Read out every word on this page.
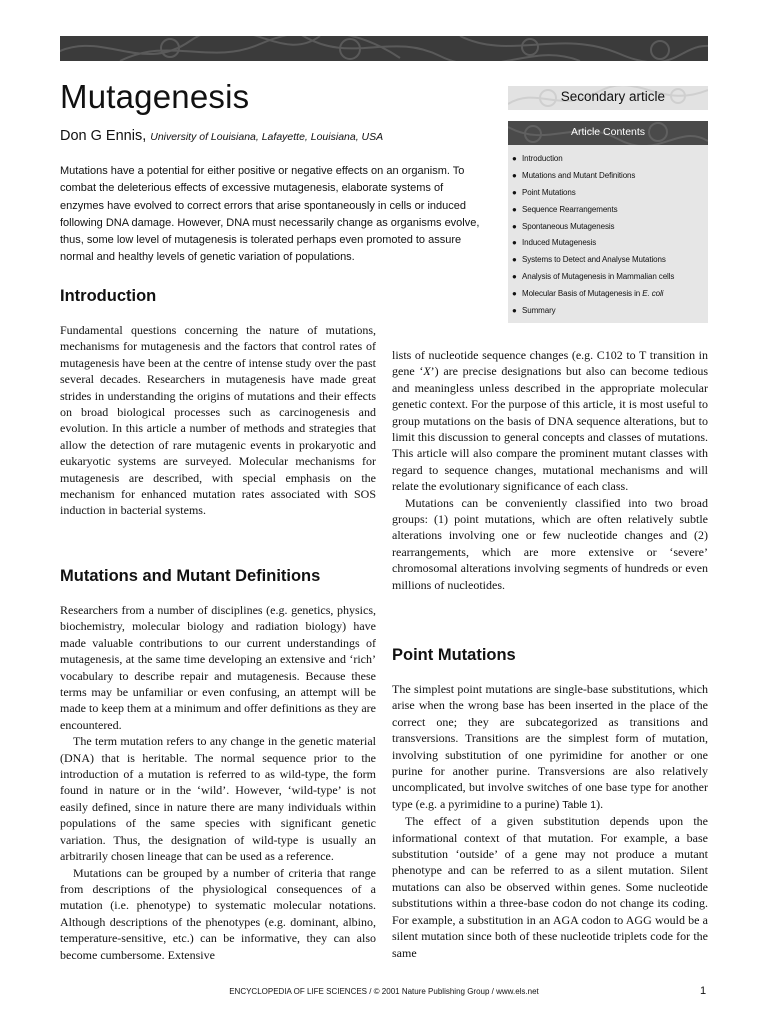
Mutagenesis
Don G Ennis, University of Louisiana, Lafayette, Louisiana, USA

Mutations have a potential for either positive or negative effects on an organism. To combat the deleterious effects of excessive mutagenesis, elaborate systems of enzymes have evolved to correct errors that arise spontaneously in cells or induced following DNA damage. However, DNA must necessarily change as organisms evolve, thus, some low level of mutagenesis is tolerated perhaps even promoted to assure normal and healthy levels of genetic variation of populations.

Secondary article
Article Contents
● Introduction
● Mutations and Mutant Definitions
● Point Mutations
● Sequence Rearrangements
● Spontaneous Mutagenesis
● Induced Mutagenesis
● Systems to Detect and Analyse Mutations
● Analysis of Mutagenesis in Mammalian cells
● Molecular Basis of Mutagenesis in E. coli
● Summary
Introduction
Mutations and Mutant Definitions
Point Mutations

Fundamental questions concerning the nature of mutations, mechanisms for mutagenesis and the factors that control rates of mutagenesis have been at the centre of intense study over the past several decades. Researchers in mutagenesis have made great strides in understanding the origins of mutations and their effects on broad biological processes such as carcinogenesis and evolution. In this article a number of methods and strategies that allow the detection of rare mutagenic events in prokaryotic and eukaryotic systems are surveyed. Molecular mechanisms for mutagenesis are described, with special emphasis on the mechanism for enhanced mutation rates associated with SOS induction in bacterial systems.

Researchers from a number of disciplines (e.g. genetics, physics, biochemistry, molecular biology and radiation biology) have made valuable contributions to our current understandings of mutagenesis, at the same time developing an extensive and ‘rich’ vocabulary to describe repair and mutagenesis. Because these terms may be unfamiliar or even confusing, an attempt will be made to keep them at a minimum and offer definitions as they are encountered.

The term mutation refers to any change in the genetic material (DNA) that is heritable. The normal sequence prior to the introduction of a mutation is referred to as wild-type, the form found in nature or in the ‘wild’. However, ‘wild-type’ is not easily defined, since in nature there are many individuals within populations of the same species with significant genetic variation. Thus, the designation of wild-type is usually an arbitrarily chosen lineage that can be used as a reference.

Mutations can be grouped by a number of criteria that range from descriptions of the physiological consequences of a mutation (i.e. phenotype) to systematic molecular notations. Although descriptions of the phenotypes (e.g. dominant, albino, temperature-sensitive, etc.) can be informative, they can also become cumbersome. Extensive

lists of nucleotide sequence changes (e.g. C102 to T transition in gene ‘X’) are precise designations but also can become tedious and meaningless unless described in the appropriate molecular genetic context. For the purpose of this article, it is most useful to group mutations on the basis of DNA sequence alterations, but to limit this discussion to general concepts and classes of mutations. This article will also compare the prominent mutant classes with regard to sequence changes, mutational mechanisms and will relate the evolutionary significance of each class.

Mutations can be conveniently classified into two broad groups: (1) point mutations, which are often relatively subtle alterations involving one or few nucleotide changes and (2) rearrangements, which are more extensive or ‘severe’ chromosomal alterations involving segments of hundreds or even millions of nucleotides.

The simplest point mutations are single-base substitutions, which arise when the wrong base has been inserted in the place of the correct one; they are subcategorized as transitions and transversions. Transitions are the simplest form of mutation, involving substitution of one pyrimidine for another or one purine for another purine. Transversions are also relatively uncomplicated, but involve switches of one base type for another type (e.g. a pyrimidine to a purine) Table 1).

The effect of a given substitution depends upon the informational context of that mutation. For example, a base substitution ‘outside’ of a gene may not produce a mutant phenotype and can be referred to as a silent mutation. Silent mutations can also be observed within genes. Some nucleotide substitutions within a three-base codon do not change its coding. For example, a substitution in an AGA codon to AGG would be a silent mutation since both of these nucleotide triplets code for the same

ENCYCLOPEDIA OF LIFE SCIENCES / © 2001 Nature Publishing Group / www.els.net	1
